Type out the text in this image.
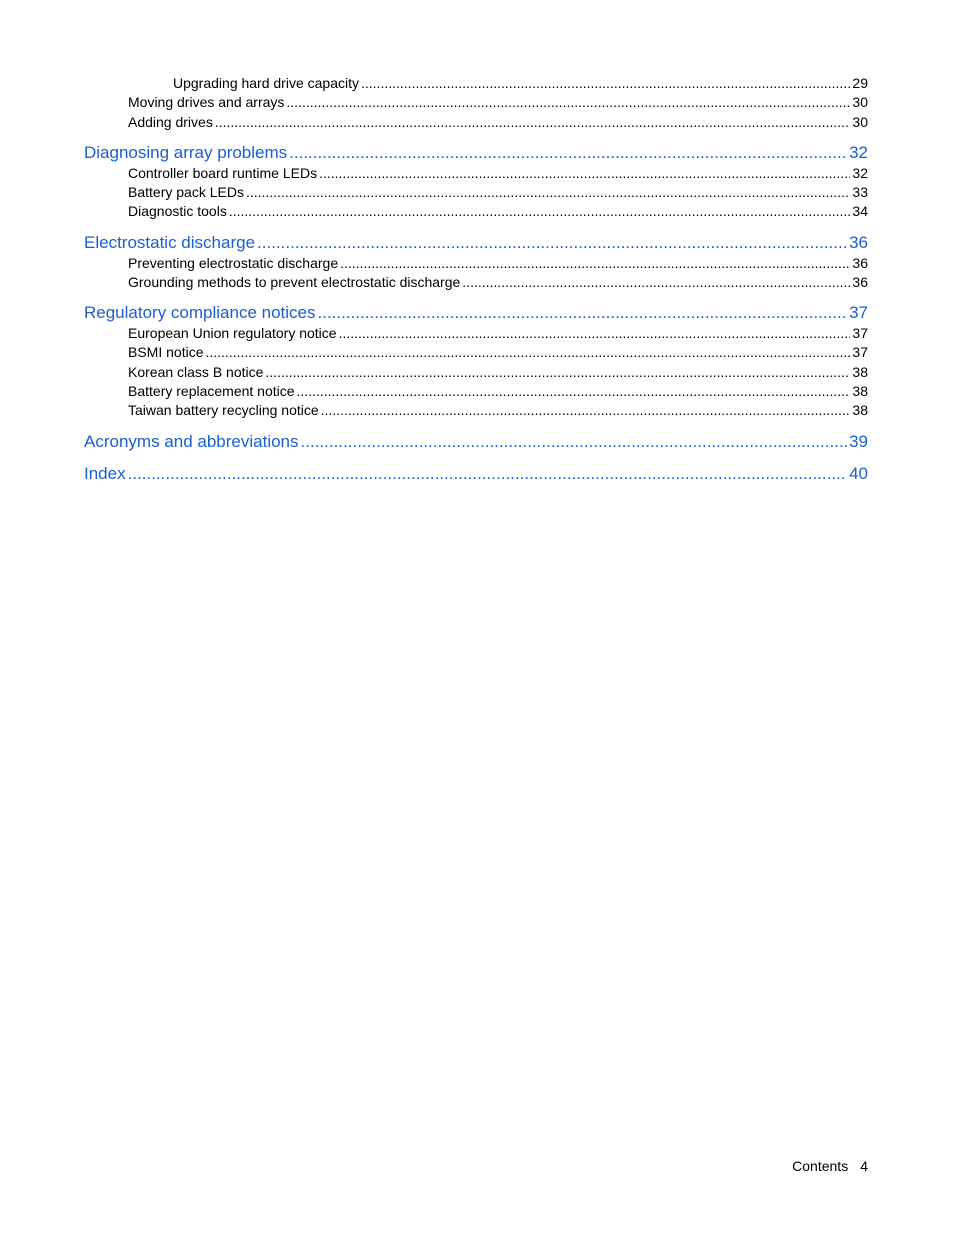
Upgrading hard drive capacity .....	29
Moving drives and arrays .....	30
Adding drives .....	30
Diagnosing array problems .....	32
Controller board runtime LEDs .....	32
Battery pack LEDs .....	33
Diagnostic tools .....	34
Electrostatic discharge .....	36
Preventing electrostatic discharge .....	36
Grounding methods to prevent electrostatic discharge .....	36
Regulatory compliance notices .....	37
European Union regulatory notice .....	37
BSMI notice .....	37
Korean class B notice .....	38
Battery replacement notice .....	38
Taiwan battery recycling notice .....	38
Acronyms and abbreviations .....	39
Index .....	40
Contents 4
